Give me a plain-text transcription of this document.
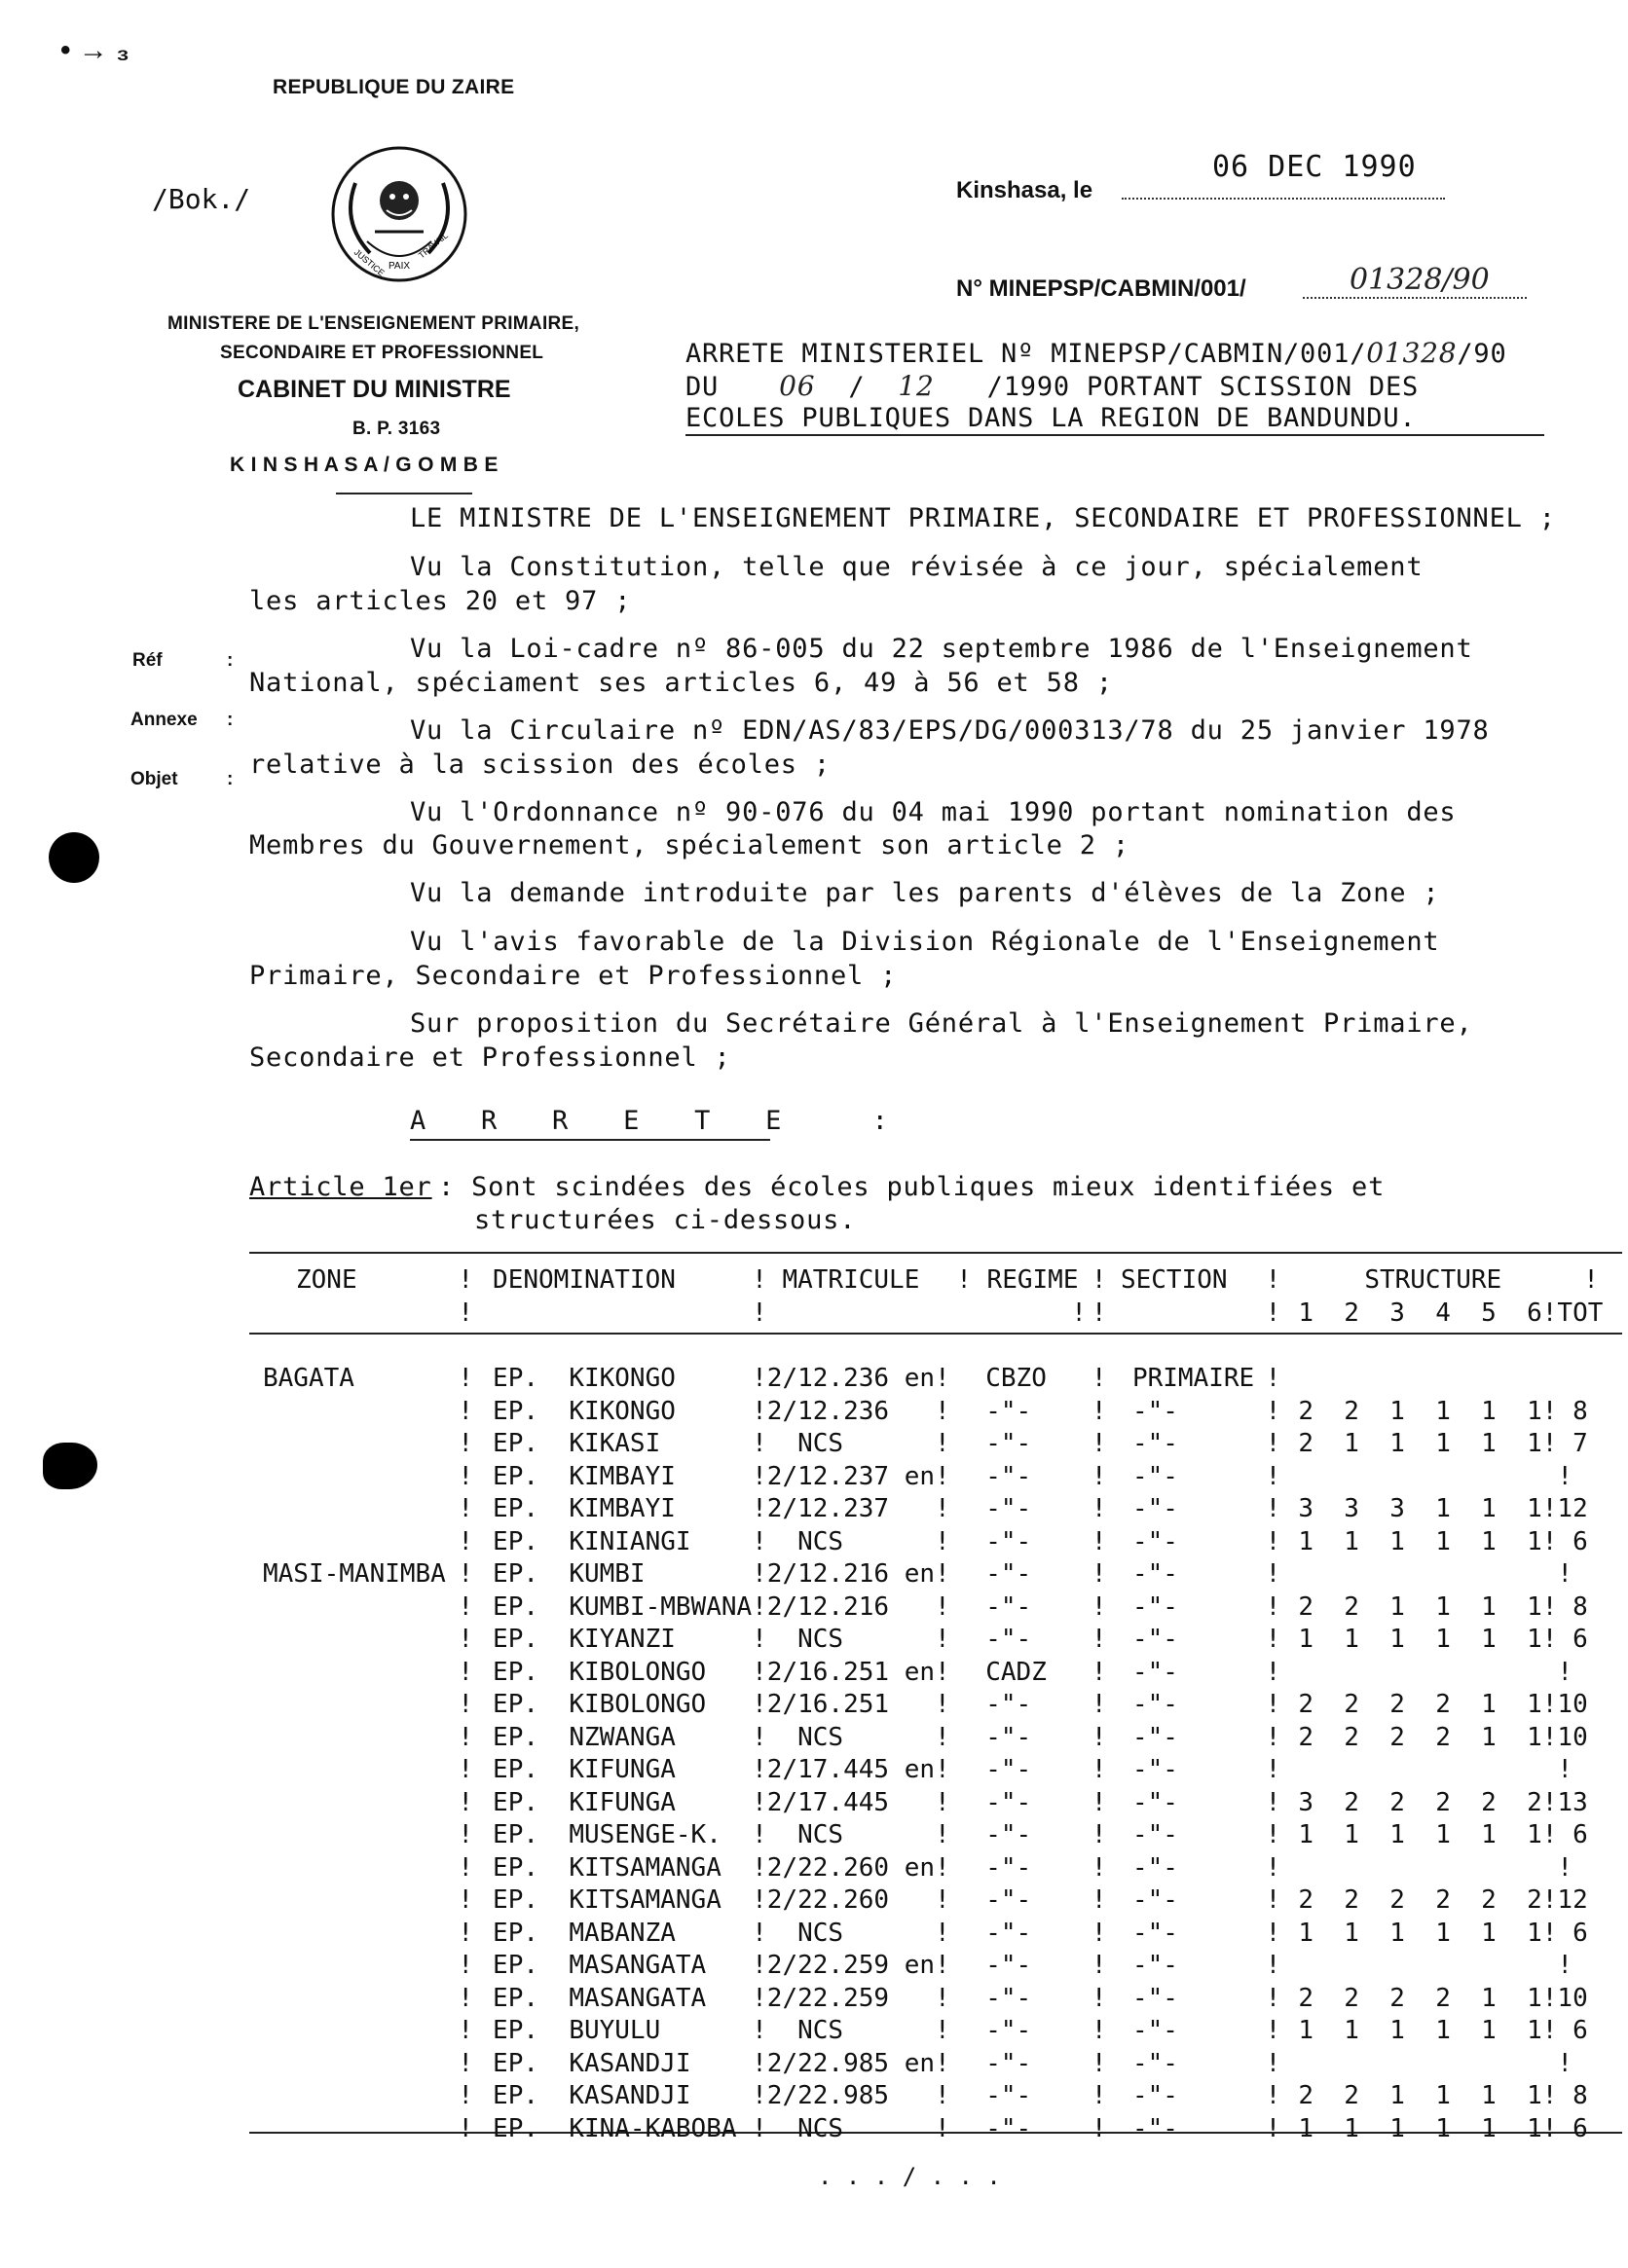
• → ₃
REPUBLIQUE DU ZAIRE
/Bok./
JUSTICE PAIX
TRAVAIL
MINISTERE DE L'ENSEIGNEMENT PRIMAIRE,
SECONDAIRE ET PROFESSIONNEL
CABINET DU MINISTRE
B. P. 3163
K I N S H A S A / G O M B E
Kinshasa, le
06 DEC 1990
N° MINEPSP/CABMIN/001/	01328/90
ARRETE MINISTERIEL Nº MINEPSP/CABMIN/001/01328/90
DU 06 / 12 /1990 PORTANT SCISSION DES
ECOLES PUBLIQUES DANS LA REGION DE BANDUNDU.
Réf	:
Annexe :
Objet	:
LE MINISTRE DE L'ENSEIGNEMENT PRIMAIRE, SECONDAIRE ET PROFESSIONNEL ;
Vu la Constitution, telle que révisée à ce jour, spécialement
les articles 20 et 97 ;
Vu la Loi-cadre nº 86-005 du 22 septembre 1986 de l'Enseignement
National, spéciament ses articles 6, 49 à 56 et 58 ;
Vu la Circulaire nº EDN/AS/83/EPS/DG/000313/78 du 25 janvier 1978
relative à la scission des écoles ;
Vu l'Ordonnance nº 90-076 du 04 mai 1990 portant nomination des
Membres du Gouvernement, spécialement son article 2 ;
Vu la demande introduite par les parents d'élèves de la Zone ;
Vu l'avis favorable de la Division Régionale de l'Enseignement
Primaire, Secondaire et Professionnel ;
Sur proposition du Secrétaire Général à l'Enseignement Primaire,
Secondaire et Professionnel ;
A   R   R   E   T   E     :
Article 1er : Sont scindées des écoles publiques mieux identifiées et
structurées ci-dessous.
ZONE	!	DENOMINATION	! MATRICULE	! REGIME	!	SECTION	!	STRUCTURE !
	!		!	!	!		!	1  2  3  4  5  6!TOT

BAGATA	!	EP.  KIKONGO	!2/12.236 en!	CBZO	!	PRIMAIRE	!	
	!	EP.  KIKONGO	!2/12.236   !	-"-	!	-"-	!	2  2  1  1  1  1! 8
	!	EP.  KIKASI	!  NCS      !	-"-	!	-"-	!	2  1  1  1  1  1! 7
	!	EP.  KIMBAYI	!2/12.237 en!	-"-	!	-"-	!	!
	!	EP.  KIMBAYI	!2/12.237   !	-"-	!	-"-	!	3  3  3  1  1  1!12
	!	EP.  KINIANGI	!  NCS      !	-"-	!	-"-	!	1  1  1  1  1  1! 6
MASI-MANIMBA	!	EP.  KUMBI	!2/12.216 en!	-"-	!	-"-	!	!
	!	EP.  KUMBI-MBWANA	!2/12.216   !	-"-	!	-"-	!	2  2  1  1  1  1! 8
	!	EP.  KIYANZI	!  NCS      !	-"-	!	-"-	!	1  1  1  1  1  1! 6
	!	EP.  KIBOLONGO	!2/16.251 en!	CADZ	!	-"-	!	!
	!	EP.  KIBOLONGO	!2/16.251   !	-"-	!	-"-	!	2  2  2  2  1  1!10
	!	EP.  NZWANGA	!  NCS      !	-"-	!	-"-	!	2  2  2  2  1  1!10
	!	EP.  KIFUNGA	!2/17.445 en!	-"-	!	-"-	!	!
	!	EP.  KIFUNGA	!2/17.445   !	-"-	!	-"-	!	3  2  2  2  2  2!13
	!	EP.  MUSENGE-K.	!  NCS      !	-"-	!	-"-	!	1  1  1  1  1  1! 6
	!	EP.  KITSAMANGA	!2/22.260 en!	-"-	!	-"-	!	!
	!	EP.  KITSAMANGA	!2/22.260   !	-"-	!	-"-	!	2  2  2  2  2  2!12
	!	EP.  MABANZA	!  NCS      !	-"-	!	-"-	!	1  1  1  1  1  1! 6
	!	EP.  MASANGATA	!2/22.259 en!	-"-	!	-"-	!	!
	!	EP.  MASANGATA	!2/22.259   !	-"-	!	-"-	!	2  2  2  2  1  1!10
	!	EP.  BUYULU	!  NCS      !	-"-	!	-"-	!	1  1  1  1  1  1! 6
	!	EP.  KASANDJI	!2/22.985 en!	-"-	!	-"-	!	!
	!	EP.  KASANDJI	!2/22.985   !	-"-	!	-"-	!	2  2  1  1  1  1! 8
	!	EP.  KINA-KABOBA	!  NCS      !	-"-	!	-"-	!	1  1  1  1  1  1! 6
. . . / . . .
